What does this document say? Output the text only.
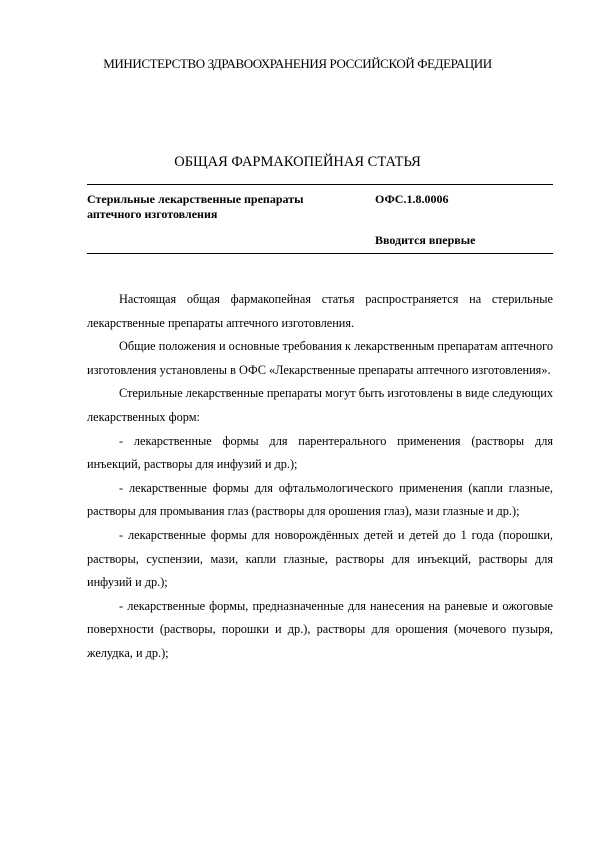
МИНИСТЕРСТВО ЗДРАВООХРАНЕНИЯ РОССИЙСКОЙ ФЕДЕРАЦИИ
ОБЩАЯ ФАРМАКОПЕЙНАЯ СТАТЬЯ
Стерильные лекарственные препараты
аптечного изготовления
ОФС.1.8.0006
Вводится впервые

Настоящая общая фармакопейная статья распространяется на стерильные лекарственные препараты аптечного изготовления.

Общие положения и основные требования к лекарственным препаратам аптечного изготовления установлены в ОФС «Лекарственные препараты аптечного изготовления».

Стерильные лекарственные препараты могут быть изготовлены в виде следующих лекарственных форм:

- лекарственные формы для парентерального применения (растворы для инъекций, растворы для инфузий и др.);

- лекарственные формы для офтальмологического применения (капли глазные, растворы для промывания глаз (растворы для орошения глаз), мази глазные и др.);

- лекарственные формы для новорождённых детей и детей до 1 года (порошки, растворы, суспензии, мази, капли глазные, растворы для инъекций, растворы для инфузий и др.);

- лекарственные формы, предназначенные для нанесения на раневые и ожоговые поверхности (растворы, порошки и др.), растворы для орошения (мочевого пузыря, желудка, и др.);
